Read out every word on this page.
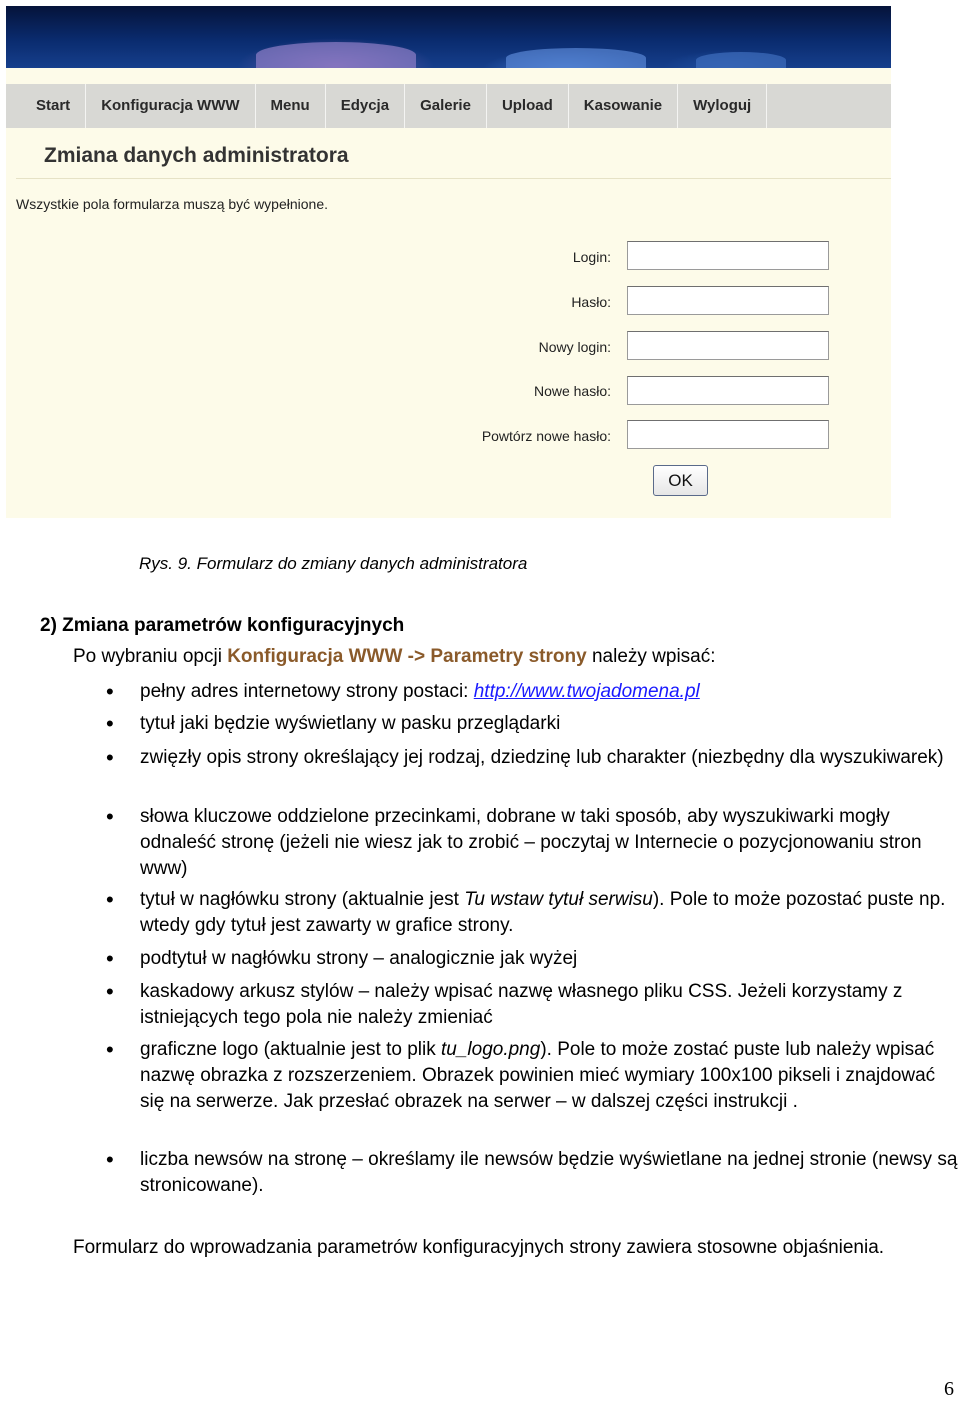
Start	Konfiguracja WWW	Menu	Edycja	Galerie	Upload	Kasowanie	Wyloguj
Zmiana danych administratora
Wszystkie pola formularza muszą być wypełnione.
Login:
Hasło:
Nowy login:
Nowe hasło:
Powtórz nowe hasło:
OK
Rys. 9. Formularz do zmiany danych administratora
2) Zmiana parametrów konfiguracyjnych
Po wybraniu opcji Konfiguracja WWW -> Parametry strony należy wpisać:
• pełny adres internetowy strony postaci: http://www.twojadomena.pl
• tytuł jaki będzie wyświetlany w pasku przeglądarki
• zwięzły opis strony określający jej rodzaj, dziedzinę lub charakter (niezbędny dla wyszukiwarek)
• słowa kluczowe oddzielone przecinkami, dobrane w taki sposób, aby wyszukiwarki mogły odnaleść stronę (jeżeli nie wiesz jak to zrobić – poczytaj w Internecie o pozycjonowaniu stron www)
• tytuł w nagłówku strony (aktualnie jest Tu wstaw tytuł serwisu). Pole to może pozostać puste np. wtedy gdy tytuł jest zawarty w grafice strony.
• podtytuł w nagłówku strony – analogicznie jak wyżej
• kaskadowy arkusz stylów – należy wpisać nazwę własnego pliku CSS. Jeżeli korzystamy z istniejących tego pola nie należy zmieniać
• graficzne logo (aktualnie jest to plik tu_logo.png). Pole to może zostać puste lub należy wpisać nazwę obrazka z rozszerzeniem. Obrazek powinien mieć wymiary 100x100 pikseli i znajdować się na serwerze. Jak przesłać obrazek na serwer – w dalszej części instrukcji .
• liczba newsów na stronę – określamy ile newsów będzie wyświetlane na jednej stronie (newsy są stronicowane).
Formularz do wprowadzania parametrów konfiguracyjnych strony zawiera stosowne objaśnienia.
6
